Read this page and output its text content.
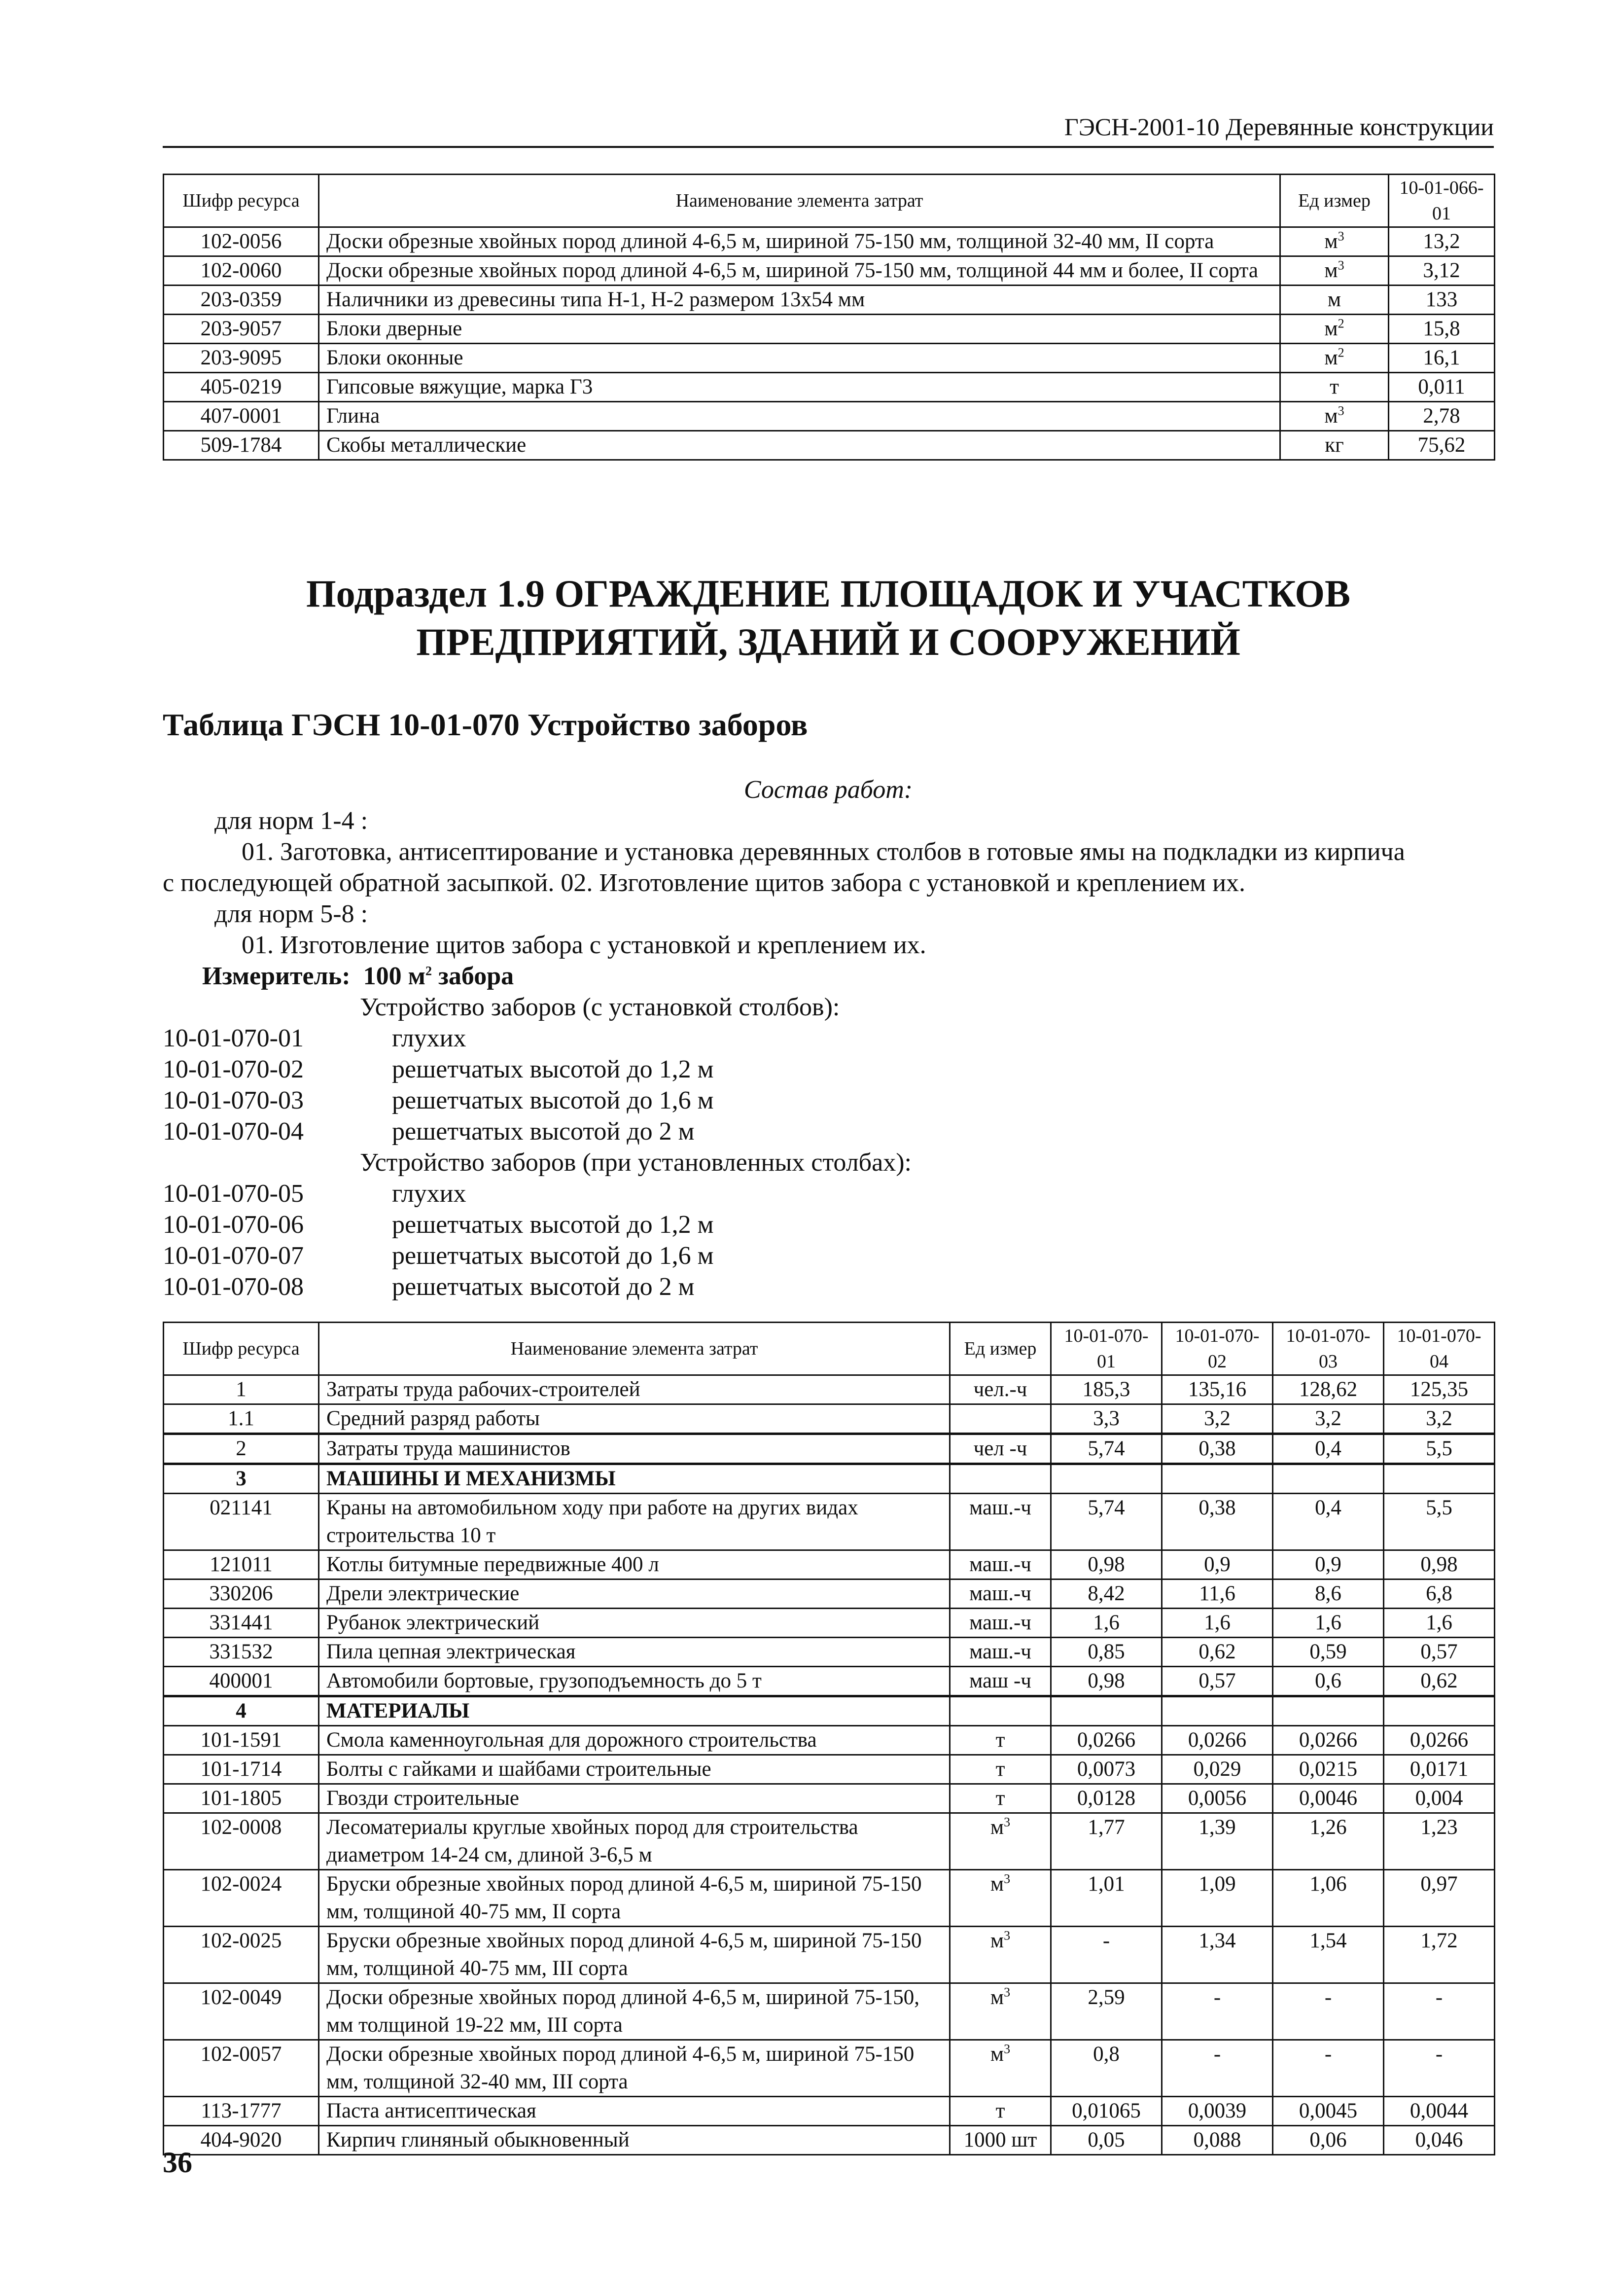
ГЭСН-2001-10 Деревянные конструкции
Шифр ресурса	Наименование элемента затрат	Ед измер	10-01-066-01
102-0056	Доски обрезные хвойных пород длиной 4-6,5 м, шириной 75-150 мм, толщиной 32-40 мм, II сорта	$м^3$	13,2
102-0060	Доски обрезные хвойных пород длиной 4-6,5 м, шириной 75-150 мм, толщиной 44 мм и более, II сорта	$м^3$	3,12
203-0359	Наличники из древесины типа Н-1, Н-2 размером 13х54 мм	м	133
203-9057	Блоки дверные	$м^2$	15,8
203-9095	Блоки оконные	$м^2$	16,1
405-0219	Гипсовые вяжущие, марка Г3	т	0,011
407-0001	Глина	$м^3$	2,78
509-1784	Скобы металлические	кг	75,62
Подраздел 1.9 ОГРАЖДЕНИЕ ПЛОЩАДОК И УЧАСТКОВ
ПРЕДПРИЯТИЙ, ЗДАНИЙ И СООРУЖЕНИЙ
Таблица ГЭСН 10-01-070 Устройство заборов

Состав работ:

для норм 1-4 :

01. Заготовка, антисептирование и установка деревянных столбов в готовые ямы на подкладки из кирпича

с последующей обратной засыпкой. 02. Изготовление щитов забора с установкой и креплением их.

для норм 5-8 :

01. Изготовление щитов забора с установкой и креплением их.

Измеритель: 100 $м^2$ забора

Устройство заборов (с установкой столбов):

10-01-070-01	глухих
10-01-070-02	решетчатых высотой до 1,2 м
10-01-070-03	решетчатых высотой до 1,6 м
10-01-070-04	решетчатых высотой до 2 м

Устройство заборов (при установленных столбах):

10-01-070-05	глухих
10-01-070-06	решетчатых высотой до 1,2 м
10-01-070-07	решетчатых высотой до 1,6 м
10-01-070-08	решетчатых высотой до 2 м
Шифр ресурса	Наименование элемента затрат	Ед измер	10-01-070-01	10-01-070-02	10-01-070-03	10-01-070-04
1	Затраты труда рабочих-строителей	чел.-ч	185,3	135,16	128,62	125,35
1.1	Средний разряд работы		3,3	3,2	3,2	3,2
2	Затраты труда машинистов	чел -ч	5,74	0,38	0,4	5,5
3	МАШИНЫ И МЕХАНИЗМЫ					
021141	Краны на автомобильном ходу при работе на других видах строительства 10 т	маш.-ч	5,74	0,38	0,4	5,5
121011	Котлы битумные передвижные 400 л	маш.-ч	0,98	0,9	0,9	0,98
330206	Дрели электрические	маш.-ч	8,42	11,6	8,6	6,8
331441	Рубанок электрический	маш.-ч	1,6	1,6	1,6	1,6
331532	Пила цепная электрическая	маш.-ч	0,85	0,62	0,59	0,57
400001	Автомобили бортовые, грузоподъемность до 5 т	маш -ч	0,98	0,57	0,6	0,62
4	МАТЕРИАЛЫ					
101-1591	Смола каменноугольная для дорожного строительства	т	0,0266	0,0266	0,0266	0,0266
101-1714	Болты с гайками и шайбами строительные	т	0,0073	0,029	0,0215	0,0171
101-1805	Гвозди строительные	т	0,0128	0,0056	0,0046	0,004
102-0008	Лесоматериалы круглые хвойных пород для строительства диаметром 14-24 см, длиной 3-6,5 м	$м^3$	1,77	1,39	1,26	1,23
102-0024	Бруски обрезные хвойных пород длиной 4-6,5 м, шириной 75-150 мм, толщиной 40-75 мм, II сорта	$м^3$	1,01	1,09	1,06	0,97
102-0025	Бруски обрезные хвойных пород длиной 4-6,5 м, шириной 75-150 мм, толщиной 40-75 мм, III сорта	$м^3$	-	1,34	1,54	1,72
102-0049	Доски обрезные хвойных пород длиной 4-6,5 м, шириной 75-150, мм толщиной 19-22 мм, III сорта	$м^3$	2,59	-	-	-
102-0057	Доски обрезные хвойных пород длиной 4-6,5 м, шириной 75-150 мм, толщиной 32-40 мм, III сорта	$м^3$	0,8	-	-	-
113-1777	Паста антисептическая	т	0,01065	0,0039	0,0045	0,0044
404-9020	Кирпич глиняный обыкновенный	1000 шт	0,05	0,088	0,06	0,046
36
